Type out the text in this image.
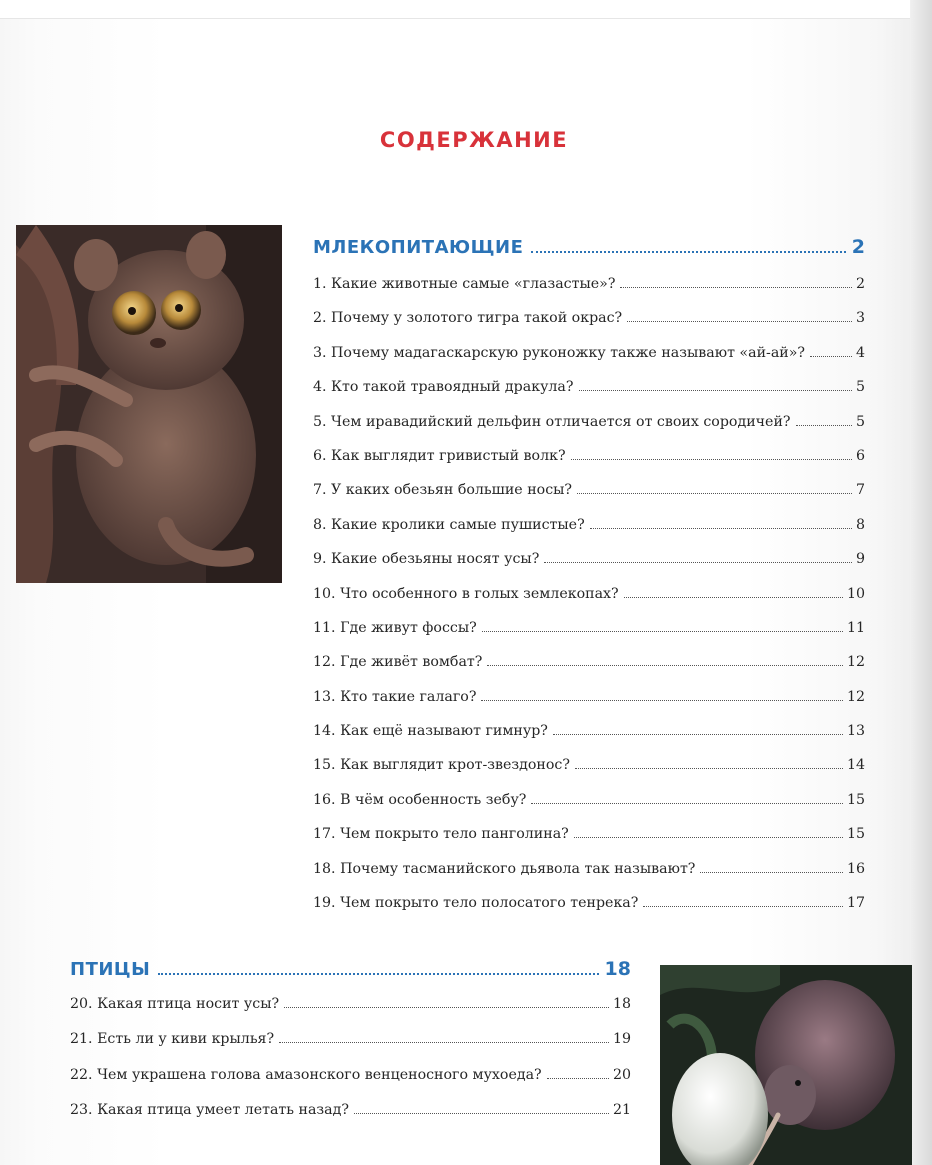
СОДЕРЖАНИЕ
МЛЕКОПИТАЮЩИЕ	2
1. Какие животные самые «глазастые»?	2
2. Почему у золотого тигра такой окрас?	3
3. Почему мадагаскарскую руконожку также называют «ай-ай»?	4
4. Кто такой травоядный дракула?	5
5. Чем иравадийский дельфин отличается от своих сородичей?	5
6. Как выглядит гривистый волк?	6
7. У каких обезьян большие носы?	7
8. Какие кролики самые пушистые?	8
9. Какие обезьяны носят усы?	9
10. Что особенного в голых землекопах?	10
11. Где живут фоссы?	11
12. Где живёт вомбат?	12
13. Кто такие галаго?	12
14. Как ещё называют гимнур?	13
15. Как выглядит крот-звездонос?	14
16. В чём особенность зебу?	15
17. Чем покрыто тело панголина?	15
18. Почему тасманийского дьявола так называют?	16
19. Чем покрыто тело полосатого тенрека?	17
ПТИЦЫ	18
20. Какая птица носит усы?	18
21. Есть ли у киви крылья?	19
22. Чем украшена голова амазонского венценосного мухоеда?	20
23. Какая птица умеет летать назад?	21
